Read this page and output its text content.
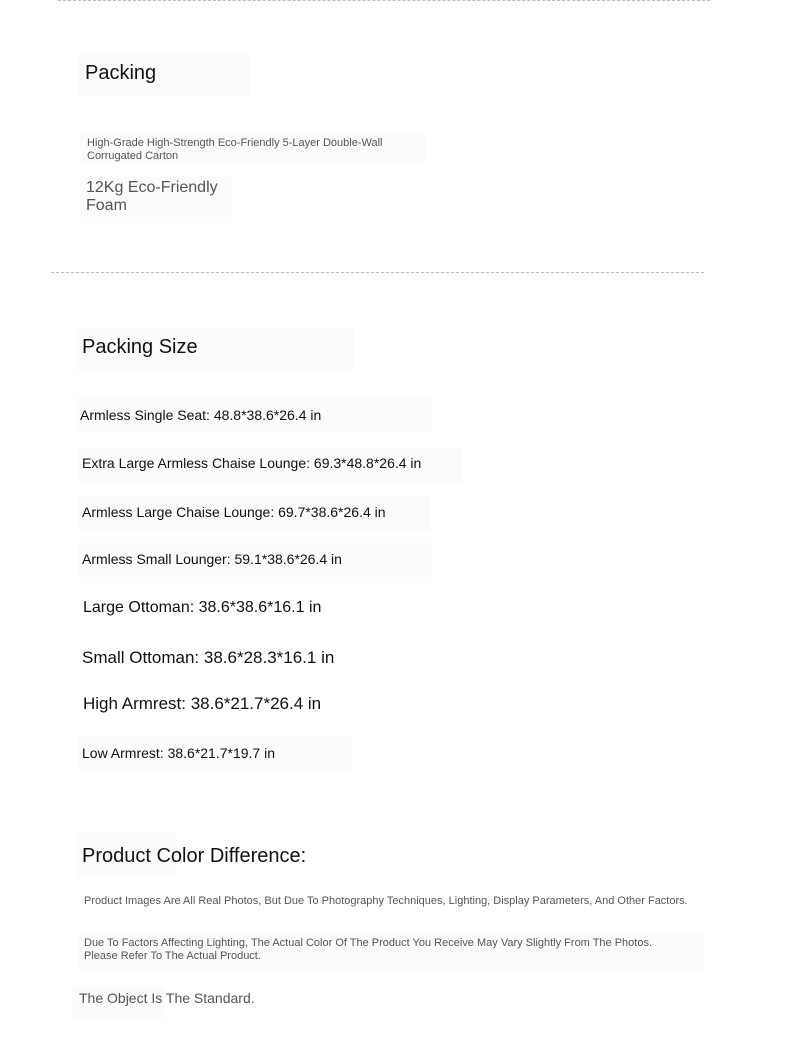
Packing
High-Grade High-Strength Eco-Friendly 5-Layer Double-Wall Corrugated Carton
12Kg Eco-Friendly Foam
Packing Size
Armless Single Seat: 48.8*38.6*26.4 in
Extra Large Armless Chaise Lounge: 69.3*48.8*26.4 in
Armless Large Chaise Lounge: 69.7*38.6*26.4 in
Armless Small Lounger: 59.1*38.6*26.4 in
Large Ottoman: 38.6*38.6*16.1 in
Small Ottoman: 38.6*28.3*16.1 in
High Armrest: 38.6*21.7*26.4 in
Low Armrest: 38.6*21.7*19.7 in
Product Color Difference:
Product Images Are All Real Photos, But Due To Photography Techniques, Lighting, Display Parameters, And Other Factors.
Due To Factors Affecting Lighting, The Actual Color Of The Product You Receive May Vary Slightly From The Photos. Please Refer To The Actual Product.
The Object Is The Standard.
